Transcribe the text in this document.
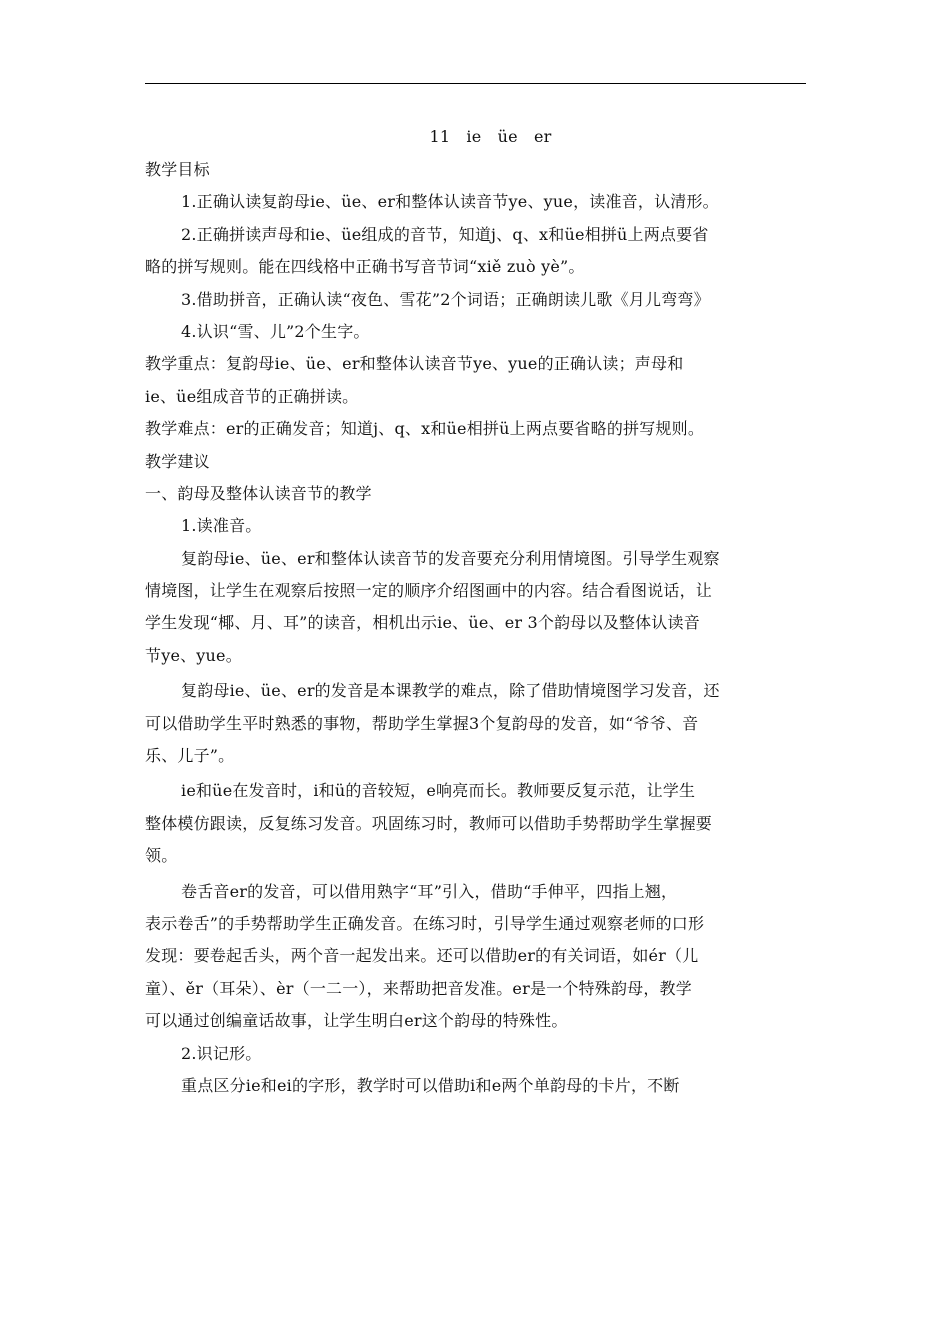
11　ie　üe　er
教学目标
1.正确认读复韵母ie、üe、er和整体认读音节ye、yue，读准音，认清形。
2.正确拼读声母和ie、üe组成的音节，知道j、q、x和üe相拼ü上两点要省
略的拼写规则。能在四线格中正确书写音节词“xiě zuò yè”。
3.借助拼音，正确认读“夜色、雪花”2个词语；正确朗读儿歌《月儿弯弯》
4.认识“雪、儿”2个生字。
教学重点：复韵母ie、üe、er和整体认读音节ye、yue的正确认读；声母和
ie、üe组成音节的正确拼读。
教学难点：er的正确发音；知道j、q、x和üe相拼ü上两点要省略的拼写规则。
教学建议
一、韵母及整体认读音节的教学
1.读准音。
复韵母ie、üe、er和整体认读音节的发音要充分利用情境图。引导学生观察
情境图，让学生在观察后按照一定的顺序介绍图画中的内容。结合看图说话，让
学生发现“椰、月、耳”的读音，相机出示ie、üe、er 3个韵母以及整体认读音
节ye、yue。
复韵母ie、üe、er的发音是本课教学的难点，除了借助情境图学习发音，还
可以借助学生平时熟悉的事物，帮助学生掌握3个复韵母的发音，如“爷爷、音
乐、儿子”。
ie和üe在发音时，i和ü的音较短，e响亮而长。教师要反复示范，让学生
整体模仿跟读，反复练习发音。巩固练习时，教师可以借助手势帮助学生掌握要
领。
卷舌音er的发音，可以借用熟字“耳”引入，借助“手伸平，四指上翘，
表示卷舌”的手势帮助学生正确发音。在练习时，引导学生通过观察老师的口形
发现：要卷起舌头，两个音一起发出来。还可以借助er的有关词语，如ér（儿
童）、ěr（耳朵）、èr（一二一），来帮助把音发准。er是一个特殊韵母，教学
可以通过创编童话故事，让学生明白er这个韵母的特殊性。
2.识记形。
重点区分ie和ei的字形，教学时可以借助i和e两个单韵母的卡片，不断
